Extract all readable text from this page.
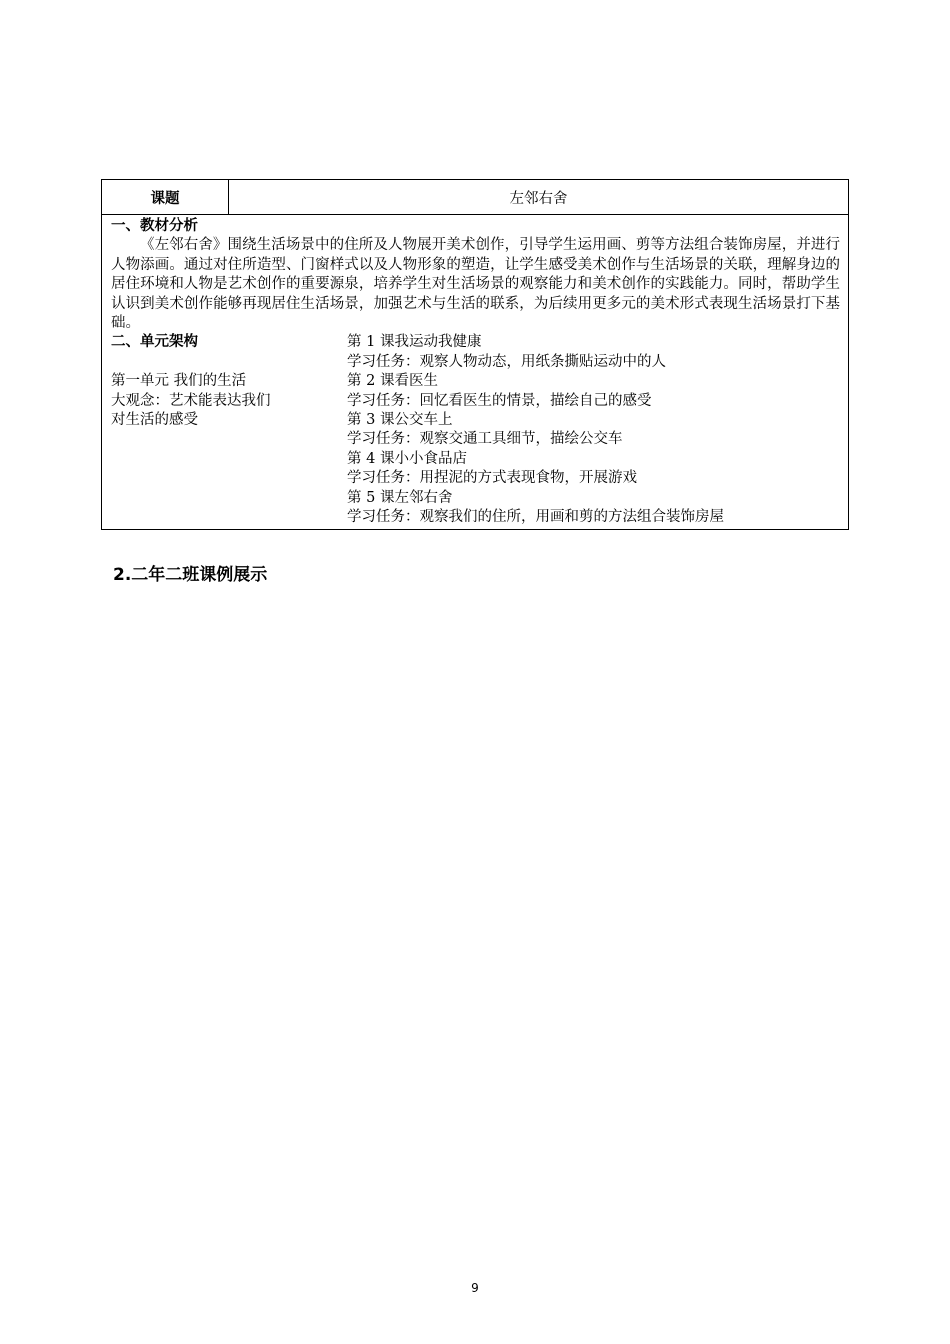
课题	左邻右舍
一、教材分析

《左邻右舍》围绕生活场景中的住所及人物展开美术创作，引导学生运用画、剪等方法组合装饰房屋，并进行人物添画。通过对住所造型、门窗样式以及人物形象的塑造，让学生感受美术创作与生活场景的关联，理解身边的居住环境和人物是艺术创作的重要源泉，培养学生对生活场景的观察能力和美术创作的实践能力。同时，帮助学生认识到美术创作能够再现居住生活场景，加强艺术与生活的联系，为后续用更多元的美术形式表现生活场景打下基础。

二、单元架构
第一单元 我们的生活
大观念：艺术能表达我们
对生活的感受
第 1 课我运动我健康
学习任务：观察人物动态，用纸条撕贴运动中的人
第 2 课看医生
学习任务：回忆看医生的情景，描绘自己的感受
第 3 课公交车上
学习任务：观察交通工具细节，描绘公交车
第 4 课小小食品店
学习任务：用捏泥的方式表现食物，开展游戏
第 5 课左邻右舍
学习任务：观察我们的住所，用画和剪的方法组合装饰房屋
2.二年二班课例展示
9
